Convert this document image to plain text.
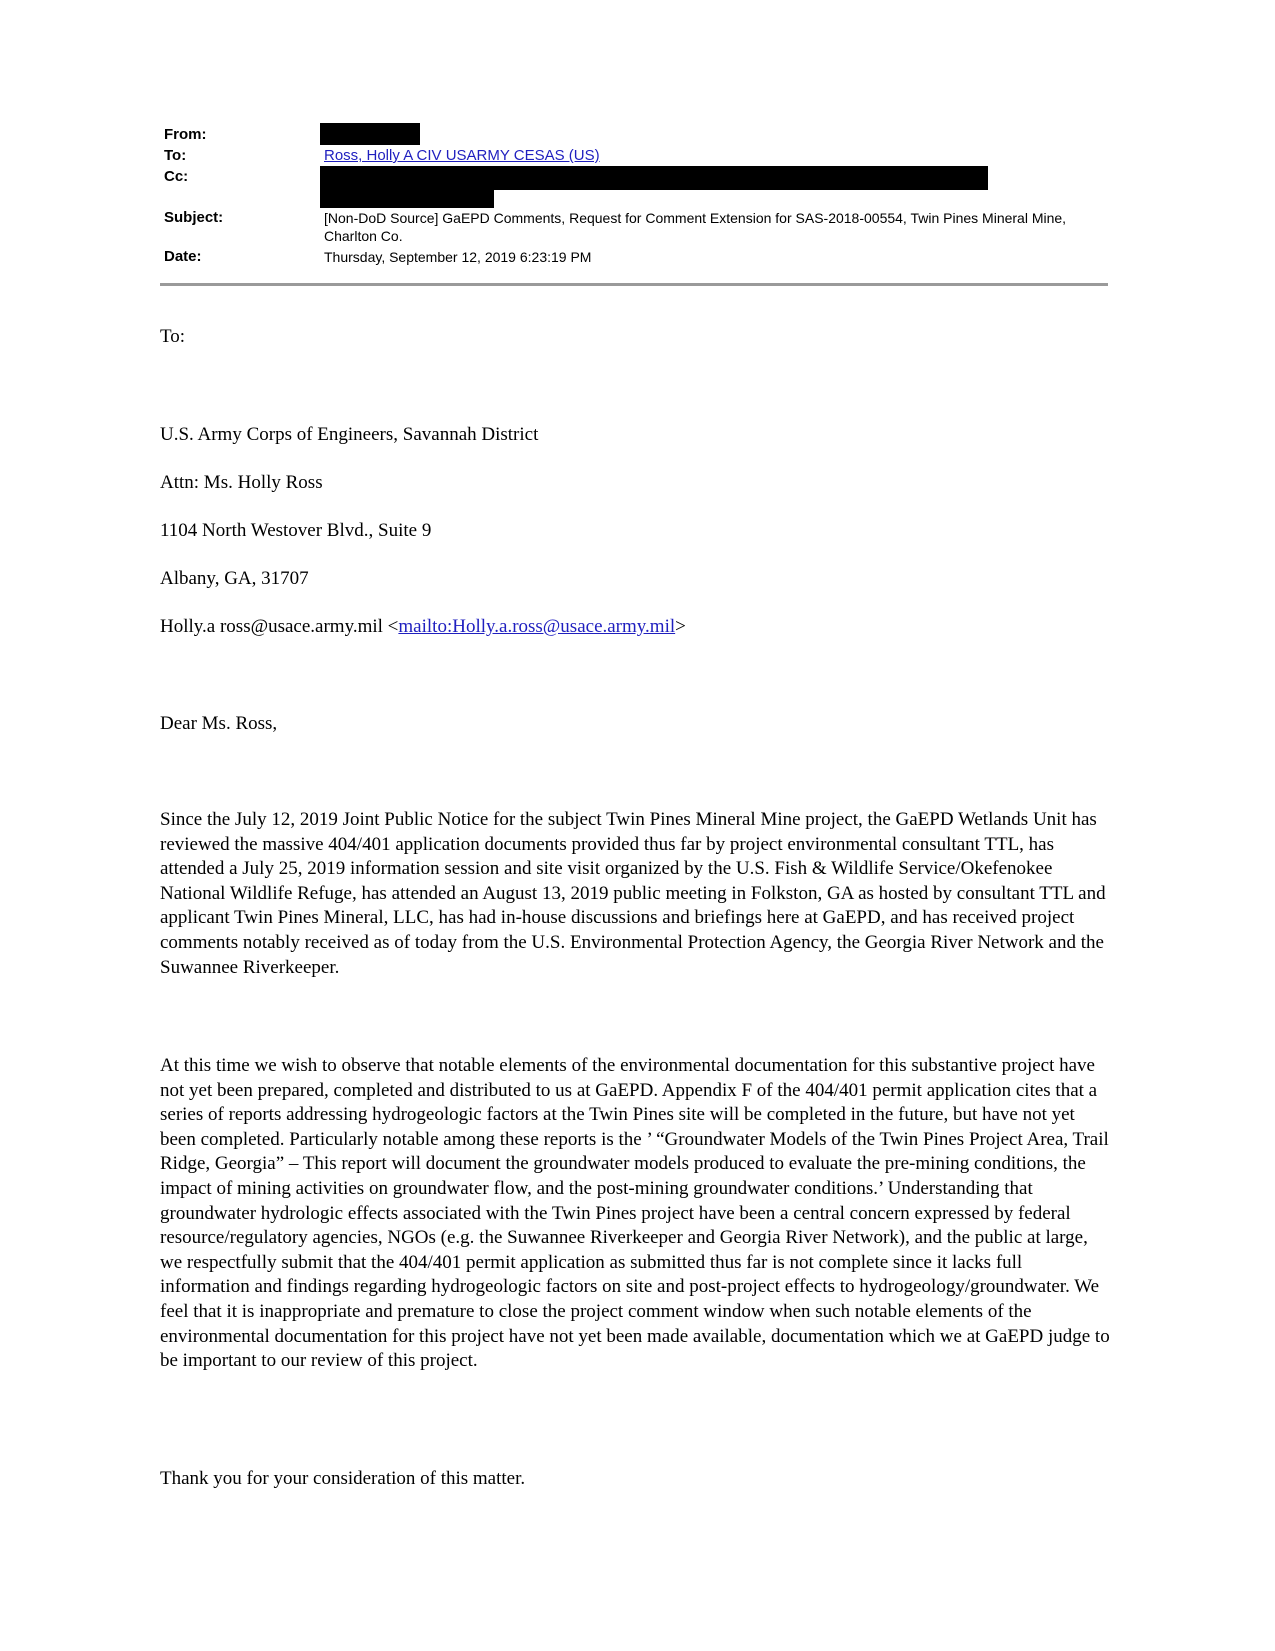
From:
To:	Ross, Holly A CIV USARMY CESAS (US)
Cc:
Subject:	[Non-DoD Source] GaEPD Comments, Request for Comment Extension for SAS-2018-00554, Twin Pines Mineral Mine, Charlton Co.
Date:	Thursday, September 12, 2019 6:23:19 PM
To:
U.S. Army Corps of Engineers, Savannah District
Attn: Ms. Holly Ross
1104 North Westover Blvd., Suite 9
Albany, GA, 31707
Holly.a ross@usace.army.mil <mailto:Holly.a.ross@usace.army.mil>
Dear Ms. Ross,

Since the July 12, 2019 Joint Public Notice for the subject Twin Pines Mineral Mine project, the GaEPD Wetlands Unit has reviewed the massive 404/401 application documents provided thus far by project environmental consultant TTL, has attended a July 25, 2019 information session and site visit organized by the U.S. Fish & Wildlife Service/Okefenokee National Wildlife Refuge, has attended an August 13, 2019 public meeting in Folkston, GA as hosted by consultant TTL and applicant Twin Pines Mineral, LLC, has had in-house discussions and briefings here at GaEPD, and has received project comments notably received as of today from the U.S. Environmental Protection Agency, the Georgia River Network and the Suwannee Riverkeeper.

At this time we wish to observe that notable elements of the environmental documentation for this substantive project have not yet been prepared, completed and distributed to us at GaEPD. Appendix F of the 404/401 permit application cites that a series of reports addressing hydrogeologic factors at the Twin Pines site will be completed in the future, but have not yet been completed. Particularly notable among these reports is the ’ “Groundwater Models of the Twin Pines Project Area, Trail Ridge, Georgia” – This report will document the groundwater models produced to evaluate the pre-mining conditions, the impact of mining activities on groundwater flow, and the post-mining groundwater conditions.’ Understanding that groundwater hydrologic effects associated with the Twin Pines project have been a central concern expressed by federal resource/regulatory agencies, NGOs (e.g. the Suwannee Riverkeeper and Georgia River Network), and the public at large, we respectfully submit that the 404/401 permit application as submitted thus far is not complete since it lacks full information and findings regarding hydrogeologic factors on site and post-project effects to hydrogeology/groundwater. We feel that it is inappropriate and premature to close the project comment window when such notable elements of the environmental documentation for this project have not yet been made available, documentation which we at GaEPD judge to be important to our review of this project.

Thank you for your consideration of this matter.
